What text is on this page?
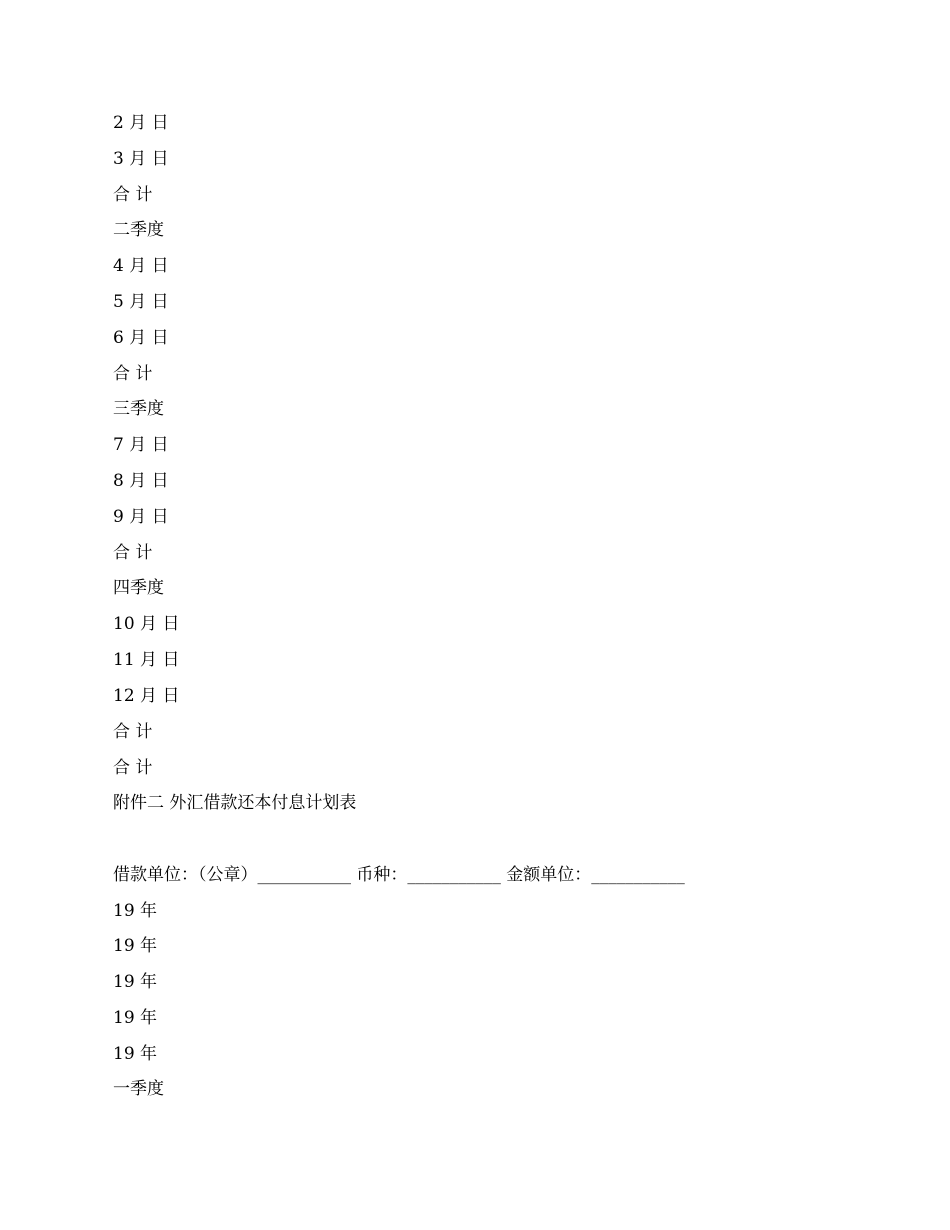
2 月 日
3 月 日
合 计
二季度
4 月 日
5 月 日
6 月 日
合 计
三季度
7 月 日
8 月 日
9 月 日
合 计
四季度
10 月 日
11 月 日
12 月 日
合 计
合 计
附件二 外汇借款还本付息计划表
借款单位：（公章）___________ 币种：___________ 金额单位：___________
19 年
19 年
19 年
19 年
19 年
一季度
